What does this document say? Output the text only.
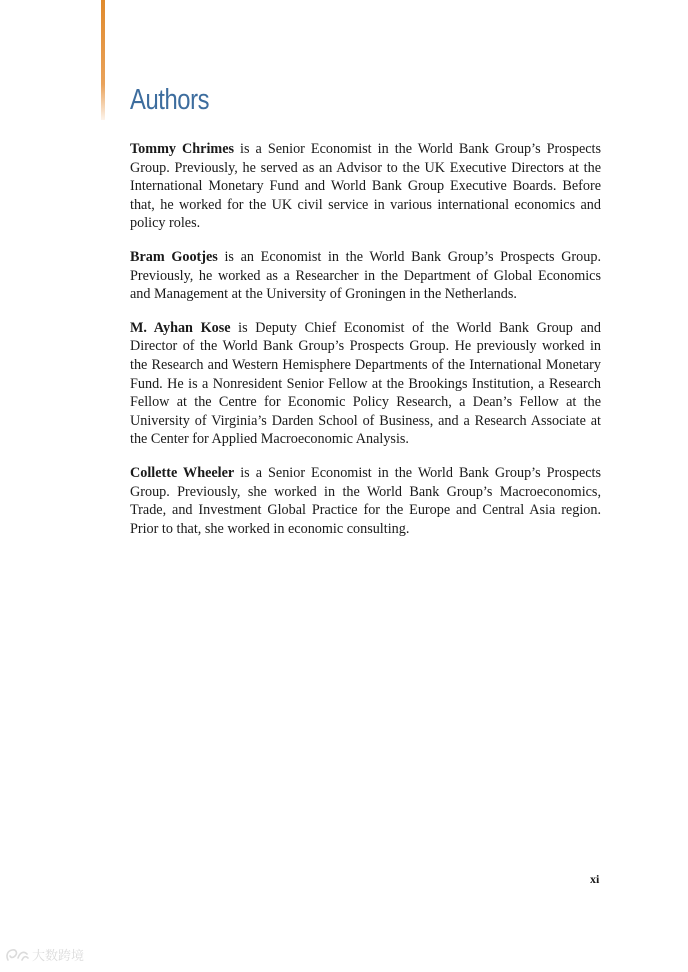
Authors

Tommy Chrimes is a Senior Economist in the World Bank Group’s Prospects Group. Previously, he served as an Advisor to the UK Executive Directors at the International Monetary Fund and World Bank Group Executive Boards. Before that, he worked for the UK civil service in various international economics and policy roles.

Bram Gootjes is an Economist in the World Bank Group’s Prospects Group. Previously, he worked as a Researcher in the Department of Global Economics and Management at the University of Groningen in the Netherlands.

M. Ayhan Kose is Deputy Chief Economist of the World Bank Group and Director of the World Bank Group’s Prospects Group. He previously worked in the Research and Western Hemisphere Departments of the International Monetary Fund. He is a Nonresident Senior Fellow at the Brookings Institution, a Research Fellow at the Centre for Economic Policy Research, a Dean’s Fellow at the University of Virginia’s Darden School of Business, and a Research Associate at the Center for Applied Macroeconomic Analysis.

Collette Wheeler is a Senior Economist in the World Bank Group’s Prospects Group. Previously, she worked in the World Bank Group’s Macroeconomics, Trade, and Investment Global Practice for the Europe and Central Asia region. Prior to that, she worked in economic consulting.

xi
大数跨境
